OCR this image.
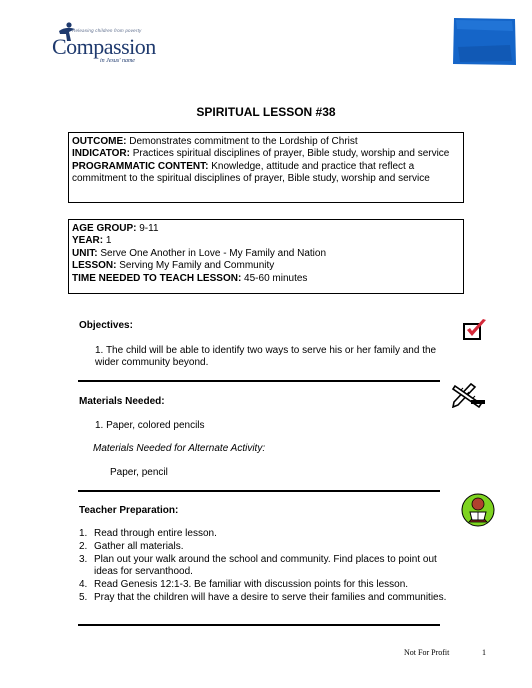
Releasing children from poverty
Compassion
in Jesus' name
SPIRITUAL LESSON #38

OUTCOME: Demonstrates commitment to the Lordship of Christ

INDICATOR: Practices spiritual disciplines of prayer, Bible study, worship and service

PROGRAMMATIC CONTENT: Knowledge, attitude and practice that reflect a commitment to the spiritual disciplines of prayer, Bible study, worship and service

AGE GROUP: 9-11

YEAR: 1

UNIT: Serve One Another in Love - My Family and Nation

LESSON: Serving My Family and Community

TIME NEEDED TO TEACH LESSON: 45-60 minutes

Objectives:
1. The child will be able to identify two ways to serve his or her family and the wider community beyond.
Materials Needed:
1. Paper, colored pencils
Materials Needed for Alternate Activity:
Paper, pencil
Teacher Preparation:
1. Read through entire lesson.
2. Gather all materials.
3. Plan out your walk around the school and community. Find places to point out ideas for servanthood.
4. Read Genesis 12:1-3. Be familiar with discussion points for this lesson.
5. Pray that the children will have a desire to serve their families and communities.
Not For Profit	1
